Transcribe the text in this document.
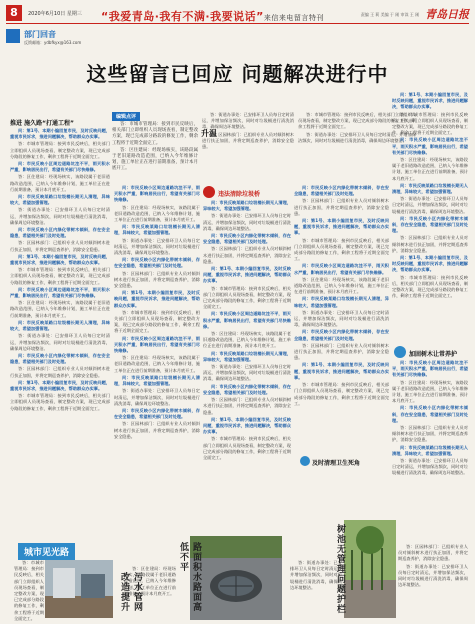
8	2020年6月10日 星期三 “我爱青岛·我有不满·我要说话”来信来电留言特刊	责编 王 莉 美编 于 刚 审读 王 刚 青岛日报
部门回音
反馈邮箱：ydbfkyx@163.com
这些留言已回应 问题解决进行中
推进 施久路“打通工程”

问：第1号、本期小编回复市民，及时反映问题，重视市民诉求，推进问题解决，帮助群众办实事。

答：市城市管理局：接到市民反映后，相关部门立即组织人员现场查看，制定整改方案，现已完成部分路段的修复工作，剩余工程将于近期全面完工。

问：市民反映小区周边道路坑洼不平，雨天积水严重，影响居民出行，希望有关部门尽快维修。

答：区住建局：经现场核实，该路段属于老旧道路改造范围，已纳入今年维修计划，施工单位正在进行前期准备，预计本月底开工。

问：市民反映某路口垃圾桶长期无人清理，异味较大，希望加强管理。

答：街道办事处：已安排环卫人员每日定时清运，并增加保洁频次，同时对垃圾桶进行清洗消毒，确保周边环境整洁。

问：市民反映小区内绿化带树木倾斜，存在安全隐患，希望相关部门及时处理。

答：区园林部门：已组织专业人员对倾斜树木进行扶正加固，并将定期巡查养护，消除安全隐患。

问：第1号、本期小编回复市民，及时反映问题，重视市民诉求，推进问题解决，帮助群众办实事。

答：市城市管理局：接到市民反映后，相关部门立即组织人员现场查看，制定整改方案，现已完成部分路段的修复工作，剩余工程将于近期全面完工。

问：市民反映小区周边道路坑洼不平，雨天积水严重，影响居民出行，希望有关部门尽快维修。

答：区住建局：经现场核实，该路段属于老旧道路改造范围，已纳入今年维修计划，施工单位正在进行前期准备，预计本月底开工。

问：市民反映某路口垃圾桶长期无人清理，异味较大，希望加强管理。

答：街道办事处：已安排环卫人员每日定时清运，并增加保洁频次，同时对垃圾桶进行清洗消毒，确保周边环境整洁。

问：市民反映小区内绿化带树木倾斜，存在安全隐患，希望相关部门及时处理。

答：区园林部门：已组织专业人员对倾斜树木进行扶正加固，并将定期巡查养护，消除安全隐患。

问：第1号、本期小编回复市民，及时反映问题，重视市民诉求，推进问题解决，帮助群众办实事。

答：市城市管理局：接到市民反映后，相关部门立即组织人员现场查看，制定整改方案，现已完成部分路段的修复工作，剩余工程将于近期全面完工。

编辑点评

答：市城市管理局：接到市民反映后，相关部门立即组织人员现场查看，制定整改方案，现已完成部分路段的修复工作，剩余工程将于近期全面完工。

答：区住建局：经现场核实，该路段属于老旧道路改造范围，已纳入今年维修计划，施工单位正在进行前期准备，预计本月底开工。

答：街道办事处：已安排环卫人员每日定时清运，并增加保洁频次，同时对垃圾桶进行清洗消毒，确保周边环境整洁。

答：区园林部门：已组织专业人员对倾斜树木进行扶正加固，并将定期巡查养护，消除安全隐患。

升温

答：市城市管理局：接到市民反映后，相关部门立即组织人员现场查看，制定整改方案，现已完成部分路段的修复工作，剩余工程将于近期全面完工。

答：街道办事处：已安排环卫人员每日定时清运，并增加保洁频次，同时对垃圾桶进行清洗消毒，确保周边环境整洁。

问：市民反映小区周边道路坑洼不平，雨天积水严重，影响居民出行，希望有关部门尽快维修。

答：区住建局：经现场核实，该路段属于老旧道路改造范围，已纳入今年维修计划，施工单位正在进行前期准备，预计本月底开工。

问：市民反映某路口垃圾桶长期无人清理，异味较大，希望加强管理。

答：街道办事处：已安排环卫人员每日定时清运，并增加保洁频次，同时对垃圾桶进行清洗消毒，确保周边环境整洁。

问：市民反映小区内绿化带树木倾斜，存在安全隐患，希望相关部门及时处理。

答：区园林部门：已组织专业人员对倾斜树木进行扶正加固，并将定期巡查养护，消除安全隐患。

问：第1号、本期小编回复市民，及时反映问题，重视市民诉求，推进问题解决，帮助群众办实事。

答：市城市管理局：接到市民反映后，相关部门立即组织人员现场查看，制定整改方案，现已完成部分路段的修复工作，剩余工程将于近期全面完工。

问：市民反映小区周边道路坑洼不平，雨天积水严重，影响居民出行，希望有关部门尽快维修。

答：区住建局：经现场核实，该路段属于老旧道路改造范围，已纳入今年维修计划，施工单位正在进行前期准备，预计本月底开工。

问：市民反映某路口垃圾桶长期无人清理，异味较大，希望加强管理。

答：街道办事处：已安排环卫人员每日定时清运，并增加保洁频次，同时对垃圾桶进行清洗消毒，确保周边环境整洁。

问：市民反映小区内绿化带树木倾斜，存在安全隐患，希望相关部门及时处理。

答：区园林部门：已组织专业人员对倾斜树木进行扶正加固，并将定期巡查养护，消除安全隐患。

违法清除垃圾桥

问：市民反映某路口垃圾桶长期无人清理，异味较大，希望加强管理。

答：街道办事处：已安排环卫人员每日定时清运，并增加保洁频次，同时对垃圾桶进行清洗消毒，确保周边环境整洁。

问：市民反映小区内绿化带树木倾斜，存在安全隐患，希望相关部门及时处理。

答：区园林部门：已组织专业人员对倾斜树木进行扶正加固，并将定期巡查养护，消除安全隐患。

问：第1号、本期小编回复市民，及时反映问题，重视市民诉求，推进问题解决，帮助群众办实事。

答：市城市管理局：接到市民反映后，相关部门立即组织人员现场查看，制定整改方案，现已完成部分路段的修复工作，剩余工程将于近期全面完工。

问：市民反映小区周边道路坑洼不平，雨天积水严重，影响居民出行，希望有关部门尽快维修。

答：区住建局：经现场核实，该路段属于老旧道路改造范围，已纳入今年维修计划，施工单位正在进行前期准备，预计本月底开工。

问：市民反映某路口垃圾桶长期无人清理，异味较大，希望加强管理。

答：街道办事处：已安排环卫人员每日定时清运，并增加保洁频次，同时对垃圾桶进行清洗消毒，确保周边环境整洁。

问：市民反映小区内绿化带树木倾斜，存在安全隐患，希望相关部门及时处理。

答：区园林部门：已组织专业人员对倾斜树木进行扶正加固，并将定期巡查养护，消除安全隐患。

问：第1号、本期小编回复市民，及时反映问题，重视市民诉求，推进问题解决，帮助群众办实事。

答：市城市管理局：接到市民反映后，相关部门立即组织人员现场查看，制定整改方案，现已完成部分路段的修复工作，剩余工程将于近期全面完工。

问：市民反映小区内绿化带树木倾斜，存在安全隐患，希望相关部门及时处理。

答：区园林部门：已组织专业人员对倾斜树木进行扶正加固，并将定期巡查养护，消除安全隐患。

问：第1号、本期小编回复市民，及时反映问题，重视市民诉求，推进问题解决，帮助群众办实事。

答：市城市管理局：接到市民反映后，相关部门立即组织人员现场查看，制定整改方案，现已完成部分路段的修复工作，剩余工程将于近期全面完工。

问：市民反映小区周边道路坑洼不平，雨天积水严重，影响居民出行，希望有关部门尽快维修。

答：区住建局：经现场核实，该路段属于老旧道路改造范围，已纳入今年维修计划，施工单位正在进行前期准备，预计本月底开工。

问：市民反映某路口垃圾桶长期无人清理，异味较大，希望加强管理。

答：街道办事处：已安排环卫人员每日定时清运，并增加保洁频次，同时对垃圾桶进行清洗消毒，确保周边环境整洁。

问：市民反映小区内绿化带树木倾斜，存在安全隐患，希望相关部门及时处理。

答：区园林部门：已组织专业人员对倾斜树木进行扶正加固，并将定期巡查养护，消除安全隐患。

问：第1号、本期小编回复市民，及时反映问题，重视市民诉求，推进问题解决，帮助群众办实事。

答：市城市管理局：接到市民反映后，相关部门立即组织人员现场查看，制定整改方案，现已完成部分路段的修复工作，剩余工程将于近期全面完工。

问：第1号、本期小编回复市民，及时反映问题，重视市民诉求，推进问题解决，帮助群众办实事。

答：市城市管理局：接到市民反映后，相关部门立即组织人员现场查看，制定整改方案，现已完成部分路段的修复工作，剩余工程将于近期全面完工。

问：市民反映小区周边道路坑洼不平，雨天积水严重，影响居民出行，希望有关部门尽快维修。

答：区住建局：经现场核实，该路段属于老旧道路改造范围，已纳入今年维修计划，施工单位正在进行前期准备，预计本月底开工。

问：市民反映某路口垃圾桶长期无人清理，异味较大，希望加强管理。

答：街道办事处：已安排环卫人员每日定时清运，并增加保洁频次，同时对垃圾桶进行清洗消毒，确保周边环境整洁。

问：市民反映小区内绿化带树木倾斜，存在安全隐患，希望相关部门及时处理。

答：区园林部门：已组织专业人员对倾斜树木进行扶正加固，并将定期巡查养护，消除安全隐患。

问：第1号、本期小编回复市民，及时反映问题，重视市民诉求，推进问题解决，帮助群众办实事。

答：市城市管理局：接到市民反映后，相关部门立即组织人员现场查看，制定整改方案，现已完成部分路段的修复工作，剩余工程将于近期全面完工。

加固树木让常养护

问：市民反映小区周边道路坑洼不平，雨天积水严重，影响居民出行，希望有关部门尽快维修。

答：区住建局：经现场核实，该路段属于老旧道路改造范围，已纳入今年维修计划，施工单位正在进行前期准备，预计本月底开工。

问：市民反映小区内绿化带树木倾斜，存在安全隐患，希望相关部门及时处理。

答：区园林部门：已组织专业人员对倾斜树木进行扶正加固，并将定期巡查养护，消除安全隐患。

问：市民反映某路口垃圾桶长期无人清理，异味较大，希望加强管理。

答：街道办事处：已安排环卫人员每日定时清运，并增加保洁频次，同时对垃圾桶进行清洗消毒，确保周边环境整洁。

及时清理卫生死角
城市见光路
污水管网改造提升

答：市城市管理局：接到市民反映后，相关部门立即组织人员现场查看，制定整改方案，现已完成部分路段的修复工作，剩余工程将于近期全面完工。

路面积水路面高低不平

答：区住建局：经现场核实，该路段属于老旧道路改造范围，已纳入今年维修计划，施工单位正在进行前期准备，预计本月底开工。

答：街道办事处：已安排环卫人员每日定时清运，并增加保洁频次，同时对垃圾桶进行清洗消毒，确保周边环境整洁。	树池无管理问题护栏	答：区园林部门：已组织专业人员对倾斜树木进行扶正加固，并将定期巡查养护，消除安全隐患。

答：街道办事处：已安排环卫人员每日定时清运，并增加保洁频次，同时对垃圾桶进行清洗消毒，确保周边环境整洁。
